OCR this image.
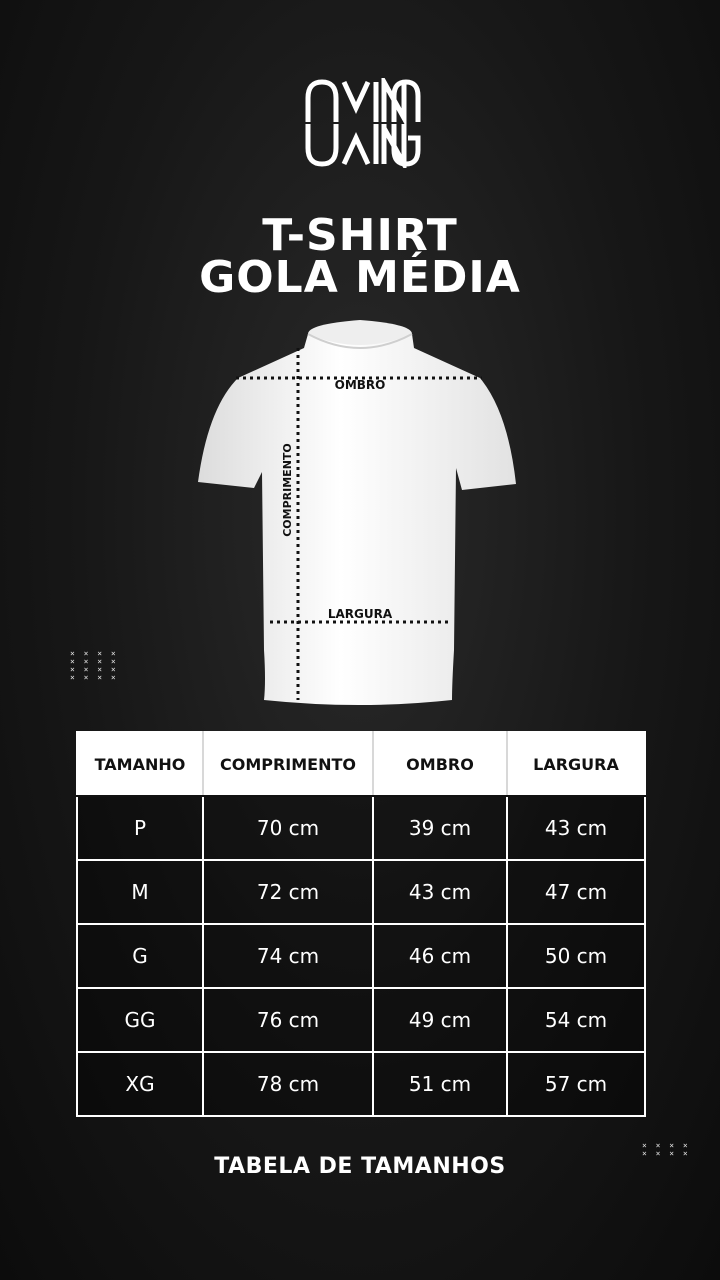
T-SHIRT
GOLA MÉDIA
OMBRO
LARGURA
COMPRIMENTO
× × × ×
× × × ×
× × × ×
× × × ×
× × × ×
× × × ×
TAMANHO	COMPRIMENTO	OMBRO	LARGURA
P	70 cm	39 cm	43 cm
M	72 cm	43 cm	47 cm
G	74 cm	46 cm	50 cm
GG	76 cm	49 cm	54 cm
XG	78 cm	51 cm	57 cm
TABELA DE TAMANHOS
